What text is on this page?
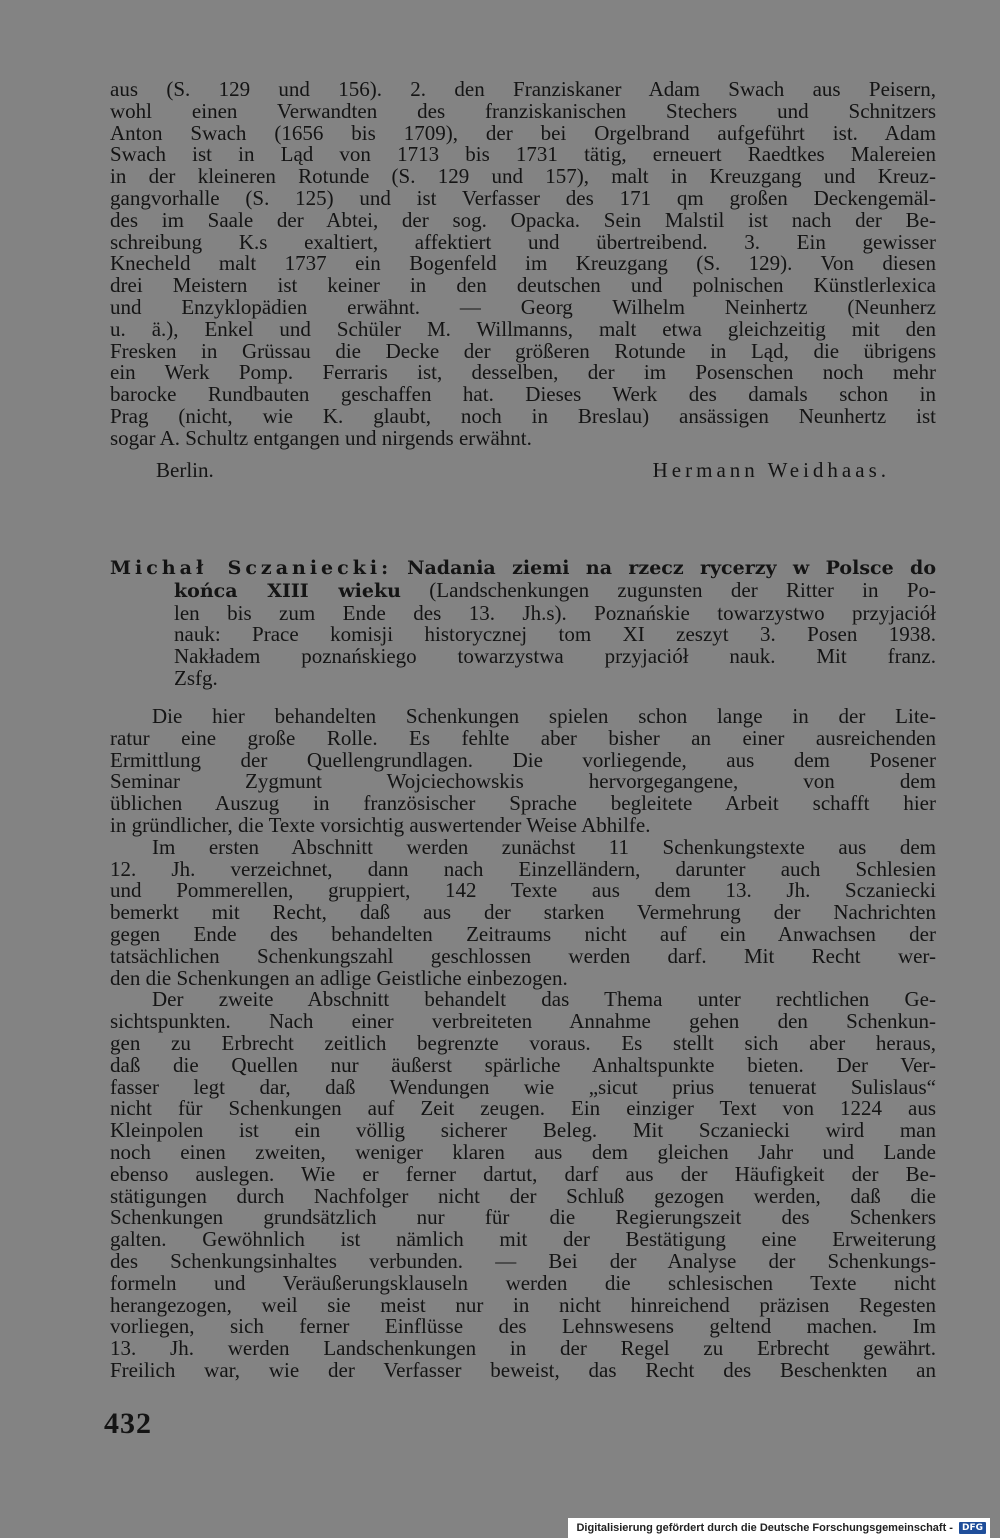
aus (S. 129 und 156). 2. den Franziskaner Adam Swach aus Peisern,
wohl einen Verwandten des franziskanischen Stechers und Schnitzers
Anton Swach (1656 bis 1709), der bei Orgelbrand aufgeführt ist. Adam
Swach ist in Ląd von 1713 bis 1731 tätig, erneuert Raedtkes Malereien
in der kleineren Rotunde (S. 129 und 157), malt in Kreuzgang und Kreuz-
gangvorhalle (S. 125) und ist Verfasser des 171 qm großen Deckengemäl-
des im Saale der Abtei, der sog. Opacka. Sein Malstil ist nach der Be-
schreibung K.s exaltiert, affektiert und übertreibend. 3. Ein gewisser
Knecheld malt 1737 ein Bogenfeld im Kreuzgang (S. 129). Von diesen
drei Meistern ist keiner in den deutschen und polnischen Künstlerlexica
und Enzyklopädien erwähnt. — Georg Wilhelm Neinhertz (Neunherz
u. ä.), Enkel und Schüler M. Willmanns, malt etwa gleichzeitig mit den
Fresken in Grüssau die Decke der größeren Rotunde in Ląd, die übrigens
ein Werk Pomp. Ferraris ist, desselben, der im Posenschen noch mehr
barocke Rundbauten geschaffen hat. Dieses Werk des damals schon in
Prag (nicht, wie K. glaubt, noch in Breslau) ansässigen Neunhertz ist
sogar A. Schultz entgangen und nirgends erwähnt.
Berlin.	Hermann Weidhaas.
Michał Sczaniecki: Nadania ziemi na rzecz rycerzy w Polsce do
końca XIII wieku (Landschenkungen zugunsten der Ritter in Po-
len bis zum Ende des 13. Jh.s). Poznańskie towarzystwo przyjaciół
nauk: Prace komisji historycznej tom XI zeszyt 3. Posen 1938.
Nakładem poznańskiego towarzystwa przyjaciół nauk. Mit franz.
Zsfg.
Die hier behandelten Schenkungen spielen schon lange in der Lite-
ratur eine große Rolle. Es fehlte aber bisher an einer ausreichenden
Ermittlung der Quellengrundlagen. Die vorliegende, aus dem Posener
Seminar Zygmunt Wojciechowskis hervorgegangene, von dem
üblichen Auszug in französischer Sprache begleitete Arbeit schafft hier
in gründlicher, die Texte vorsichtig auswertender Weise Abhilfe.
Im ersten Abschnitt werden zunächst 11 Schenkungstexte aus dem
12. Jh. verzeichnet, dann nach Einzelländern, darunter auch Schlesien
und Pommerellen, gruppiert, 142 Texte aus dem 13. Jh. Sczaniecki
bemerkt mit Recht, daß aus der starken Vermehrung der Nachrichten
gegen Ende des behandelten Zeitraums nicht auf ein Anwachsen der
tatsächlichen Schenkungszahl geschlossen werden darf. Mit Recht wer-
den die Schenkungen an adlige Geistliche einbezogen.
Der zweite Abschnitt behandelt das Thema unter rechtlichen Ge-
sichtspunkten. Nach einer verbreiteten Annahme gehen den Schenkun-
gen zu Erbrecht zeitlich begrenzte voraus. Es stellt sich aber heraus,
daß die Quellen nur äußerst spärliche Anhaltspunkte bieten. Der Ver-
fasser legt dar, daß Wendungen wie „sicut prius tenuerat Sulislaus“
nicht für Schenkungen auf Zeit zeugen. Ein einziger Text von 1224 aus
Kleinpolen ist ein völlig sicherer Beleg. Mit Sczaniecki wird man
noch einen zweiten, weniger klaren aus dem gleichen Jahr und Lande
ebenso auslegen. Wie er ferner dartut, darf aus der Häufigkeit der Be-
stätigungen durch Nachfolger nicht der Schluß gezogen werden, daß die
Schenkungen grundsätzlich nur für die Regierungszeit des Schenkers
galten. Gewöhnlich ist nämlich mit der Bestätigung eine Erweiterung
des Schenkungsinhaltes verbunden. — Bei der Analyse der Schenkungs-
formeln und Veräußerungsklauseln werden die schlesischen Texte nicht
herangezogen, weil sie meist nur in nicht hinreichend präzisen Regesten
vorliegen, sich ferner Einflüsse des Lehnswesens geltend machen. Im
13. Jh. werden Landschenkungen in der Regel zu Erbrecht gewährt.
Freilich war, wie der Verfasser beweist, das Recht des Beschenkten an
432
Digitalisierung gefördert durch die Deutsche Forschungsgemeinschaft -	DFG
